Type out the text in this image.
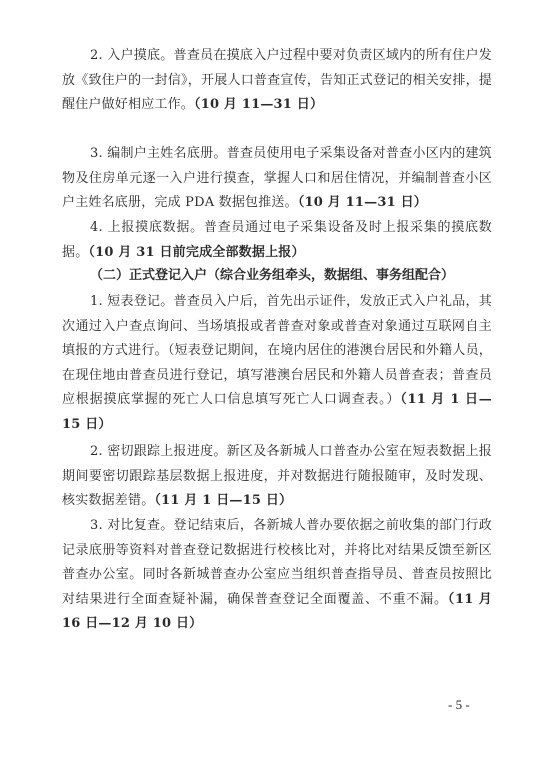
2. 入户摸底。普查员在摸底入户过程中要对负责区域内的所有住户发放《致住户的一封信》，开展人口普查宣传，告知正式登记的相关安排，提醒住户做好相应工作。（10 月 11—31 日）

3. 编制户主姓名底册。普查员使用电子采集设备对普查小区内的建筑物及住房单元逐一入户进行摸查，掌握人口和居住情况，并编制普查小区户主姓名底册，完成 PDA 数据包推送。（10 月 11—31 日）

4. 上报摸底数据。普查员通过电子采集设备及时上报采集的摸底数据。（10 月 31 日前完成全部数据上报）

（二）正式登记入户（综合业务组牵头，数据组、事务组配合）

1. 短表登记。普查员入户后，首先出示证件，发放正式入户礼品，其次通过入户查点询问、当场填报或者普查对象或普查对象通过互联网自主填报的方式进行。（短表登记期间，在境内居住的港澳台居民和外籍人员，在现住地由普查员进行登记，填写港澳台居民和外籍人员普查表；普查员应根据摸底掌握的死亡人口信息填写死亡人口调查表。）（11 月 1 日—15 日）

2. 密切跟踪上报进度。新区及各新城人口普查办公室在短表数据上报期间要密切跟踪基层数据上报进度，并对数据进行随报随审，及时发现、核实数据差错。（11 月 1 日—15 日）

3. 对比复查。登记结束后，各新城人普办要依据之前收集的部门行政记录底册等资料对普查登记数据进行校核比对，并将比对结果反馈至新区普查办公室。同时各新城普查办公室应当组织普查指导员、普查员按照比对结果进行全面查疑补漏，确保普查登记全面覆盖、不重不漏。（11 月 16 日—12 月 10 日）

- 5 -
